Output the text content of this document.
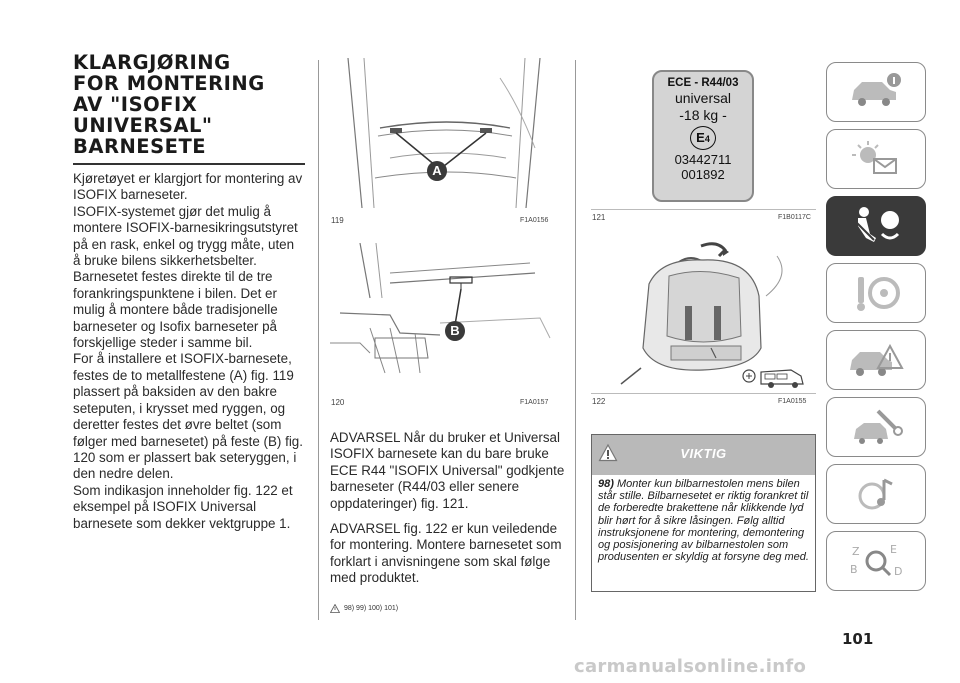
KLARGJØRING
FOR MONTERING
AV "ISOFIX
UNIVERSAL"
BARNESETE

Kjøretøyet er klargjort for montering av ISOFIX barneseter.

ISOFIX-systemet gjør det mulig å montere ISOFIX-barnesikringsutstyret på en rask, enkel og trygg måte, uten å bruke bilens sikkerhetsbelter. Barnesetet festes direkte til de tre forankringspunktene i bilen. Det er mulig å montere både tradisjonelle barneseter og Isofix barneseter på forskjellige steder i samme bil.

For å installere et ISOFIX-barnesete, festes de to metallfestene (A) fig. 119 plassert på baksiden av den bakre seteputen, i krysset med ryggen, og deretter festes det øvre beltet (som følger med barnesetet) på feste (B) fig. 120 som er plassert bak seteryggen, i den nedre delen.

Som indikasjon inneholder fig. 122 et eksempel på ISOFIX Universal barnesete som dekker vektgruppe 1.

A
119	F1A0156
B
120	F1A0157

ADVARSEL Når du bruker et Universal ISOFIX barnesete kan du bare bruke ECE R44 "ISOFIX Universal" godkjente barneseter (R44/03 eller senere oppdateringer) fig. 121.

ADVARSEL fig. 122 er kun veiledende for montering. Montere barnesetet som forklart i anvisningene som skal følge med produktet.

98) 99) 100) 101)
ECE - R44/03
universal
-18 kg -
E4
03442711
001892
121	F1B0117C
122	F1A0155
VIKTIG
98) Monter kun bilbarnestolen mens bilen står stille. Bilbarnesetet er riktig forankret til de forberedte brakettene når klikkende lyd blir hørt for å sikre låsingen. Følg alltid instruksjonene for montering, demontering og posisjonering av bilbarnestolen som produsenten er skyldig at forsyne deg med.	Z	E
B	D
101
carmanualsonline.info
